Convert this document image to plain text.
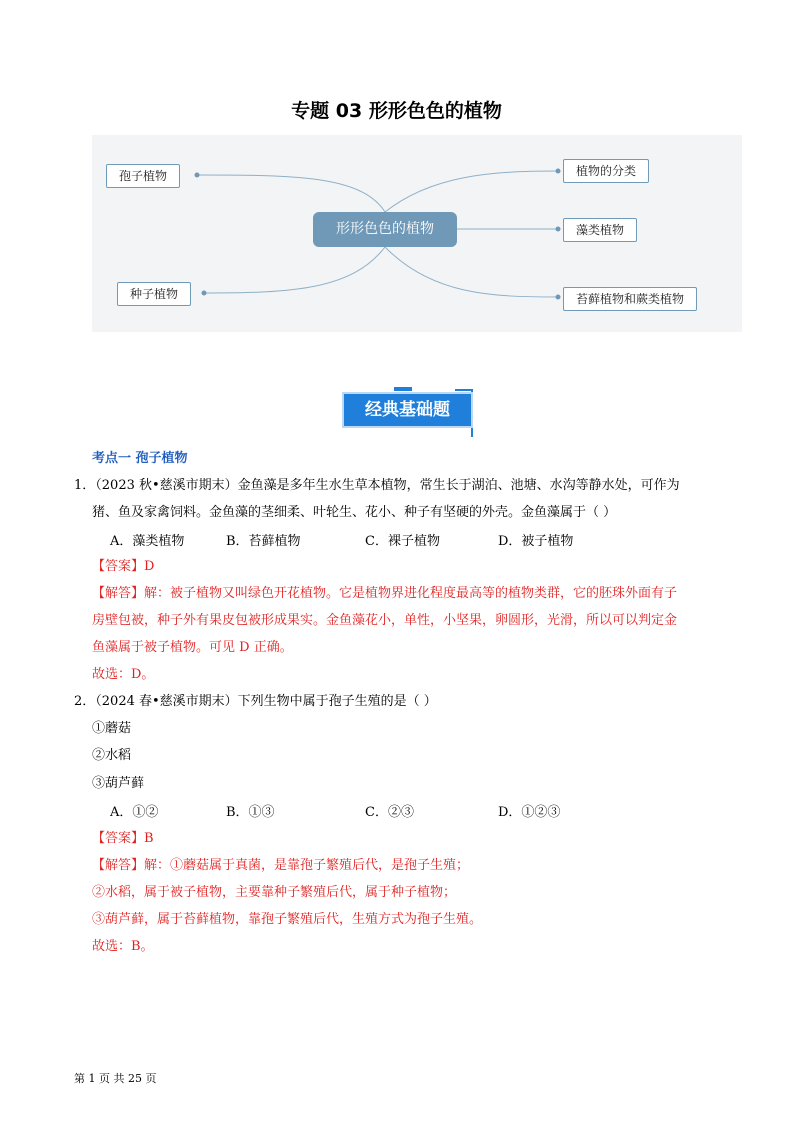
专题 03 形形色色的植物
形形色色的植物
孢子植物
种子植物
植物的分类
藻类植物
苔藓植物和蕨类植物
经典基础题
考点一 孢子植物
1．（2023 秋•慈溪市期末）金鱼藻是多年生水生草本植物，常生长于湖泊、池塘、水沟等静水处，可作为
猪、鱼及家禽饲料。金鱼藻的茎细柔、叶轮生、花小、种子有坚硬的外壳。金鱼藻属于（ ）
A．藻类植物	B．苔藓植物	C．裸子植物	D．被子植物
【答案】D
【解答】解：被子植物又叫绿色开花植物。它是植物界进化程度最高等的植物类群，它的胚珠外面有子
房壁包被，种子外有果皮包被形成果实。金鱼藻花小，单性，小坚果，卵圆形，光滑，所以可以判定金
鱼藻属于被子植物。可见 D 正确。
故选：D。
2．（2024 春•慈溪市期末）下列生物中属于孢子生殖的是（ ）
①蘑菇
②水稻
③葫芦藓
A．①②	B．①③	C．②③	D．①②③
【答案】B
【解答】解：①蘑菇属于真菌，是靠孢子繁殖后代，是孢子生殖；
②水稻，属于被子植物，主要靠种子繁殖后代，属于种子植物；
③葫芦藓，属于苔藓植物，靠孢子繁殖后代，生殖方式为孢子生殖。
故选：B。
第 1 页 共 25 页
